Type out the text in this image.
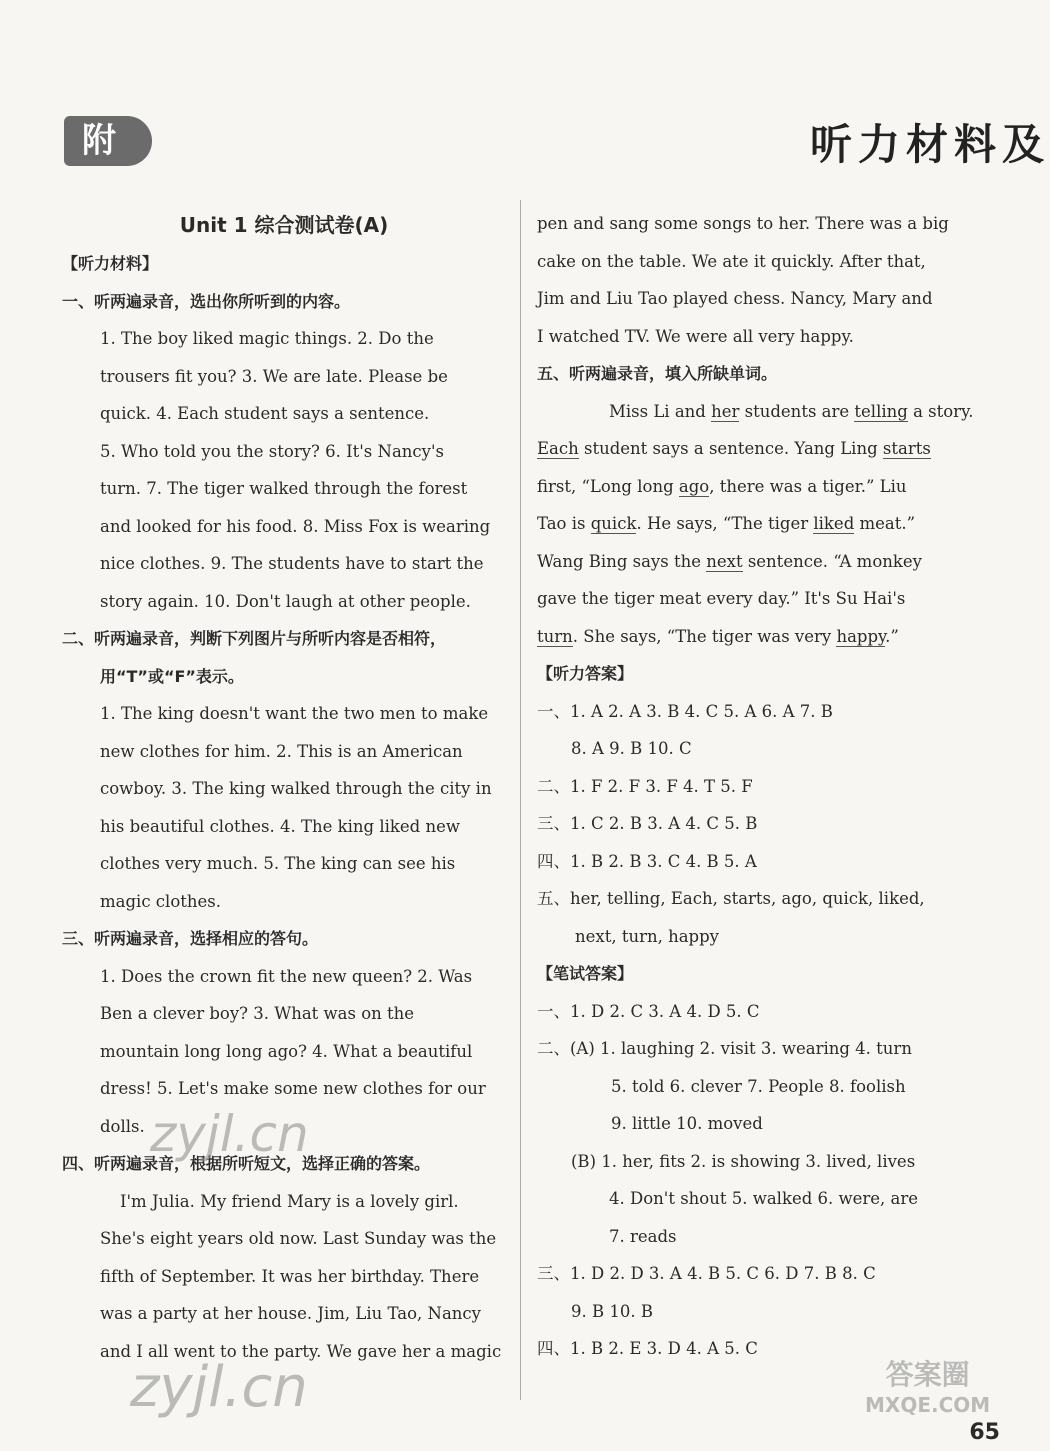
附	听力材料及
Unit 1 综合测试卷(A)
【听力材料】
一、听两遍录音，选出你所听到的内容。
1. The boy liked magic things. 2. Do the
trousers fit you? 3. We are late. Please be
quick. 4. Each student says a sentence.
5. Who told you the story? 6. It's Nancy's
turn. 7. The tiger walked through the forest
and looked for his food. 8. Miss Fox is wearing
nice clothes. 9. The students have to start the
story again. 10. Don't laugh at other people.
二、听两遍录音，判断下列图片与所听内容是否相符，
用“T”或“F”表示。
1. The king doesn't want the two men to make
new clothes for him. 2. This is an American
cowboy. 3. The king walked through the city in
his beautiful clothes. 4. The king liked new
clothes very much. 5. The king can see his
magic clothes.
三、听两遍录音，选择相应的答句。
1. Does the crown fit the new queen? 2. Was
Ben a clever boy? 3. What was on the
mountain long long ago? 4. What a beautiful
dress! 5. Let's make some new clothes for our
dolls.
四、听两遍录音，根据所听短文，选择正确的答案。
I'm Julia. My friend Mary is a lovely girl.
She's eight years old now. Last Sunday was the
fifth of September. It was her birthday. There
was a party at her house. Jim, Liu Tao, Nancy
and I all went to the party. We gave her a magic
pen and sang some songs to her. There was a big
cake on the table. We ate it quickly. After that,
Jim and Liu Tao played chess. Nancy, Mary and
I watched TV. We were all very happy.
五、听两遍录音，填入所缺单词。
Miss Li and her students are telling a story.
Each student says a sentence. Yang Ling starts
first, “Long long ago, there was a tiger.” Liu
Tao is quick. He says, “The tiger liked meat.”
Wang Bing says the next sentence. “A monkey
gave the tiger meat every day.” It's Su Hai's
turn. She says, “The tiger was very happy.”
【听力答案】
一、1. A 2. A 3. B 4. C 5. A 6. A 7. B
8. A 9. B 10. C
二、1. F 2. F 3. F 4. T 5. F
三、1. C 2. B 3. A 4. C 5. B
四、1. B 2. B 3. C 4. B 5. A
五、her, telling, Each, starts, ago, quick, liked,
next, turn, happy
【笔试答案】
一、1. D 2. C 3. A 4. D 5. C
二、(A) 1. laughing 2. visit 3. wearing 4. turn
5. told 6. clever 7. People 8. foolish
9. little 10. moved
(B) 1. her, fits 2. is showing 3. lived, lives
4. Don't shout 5. walked 6. were, are
7. reads
三、1. D 2. D 3. A 4. B 5. C 6. D 7. B 8. C
9. B 10. B
四、1. B 2. E 3. D 4. A 5. C
65
zyjl.cn
zyjl.cn	答案圈
MXQE.COM
